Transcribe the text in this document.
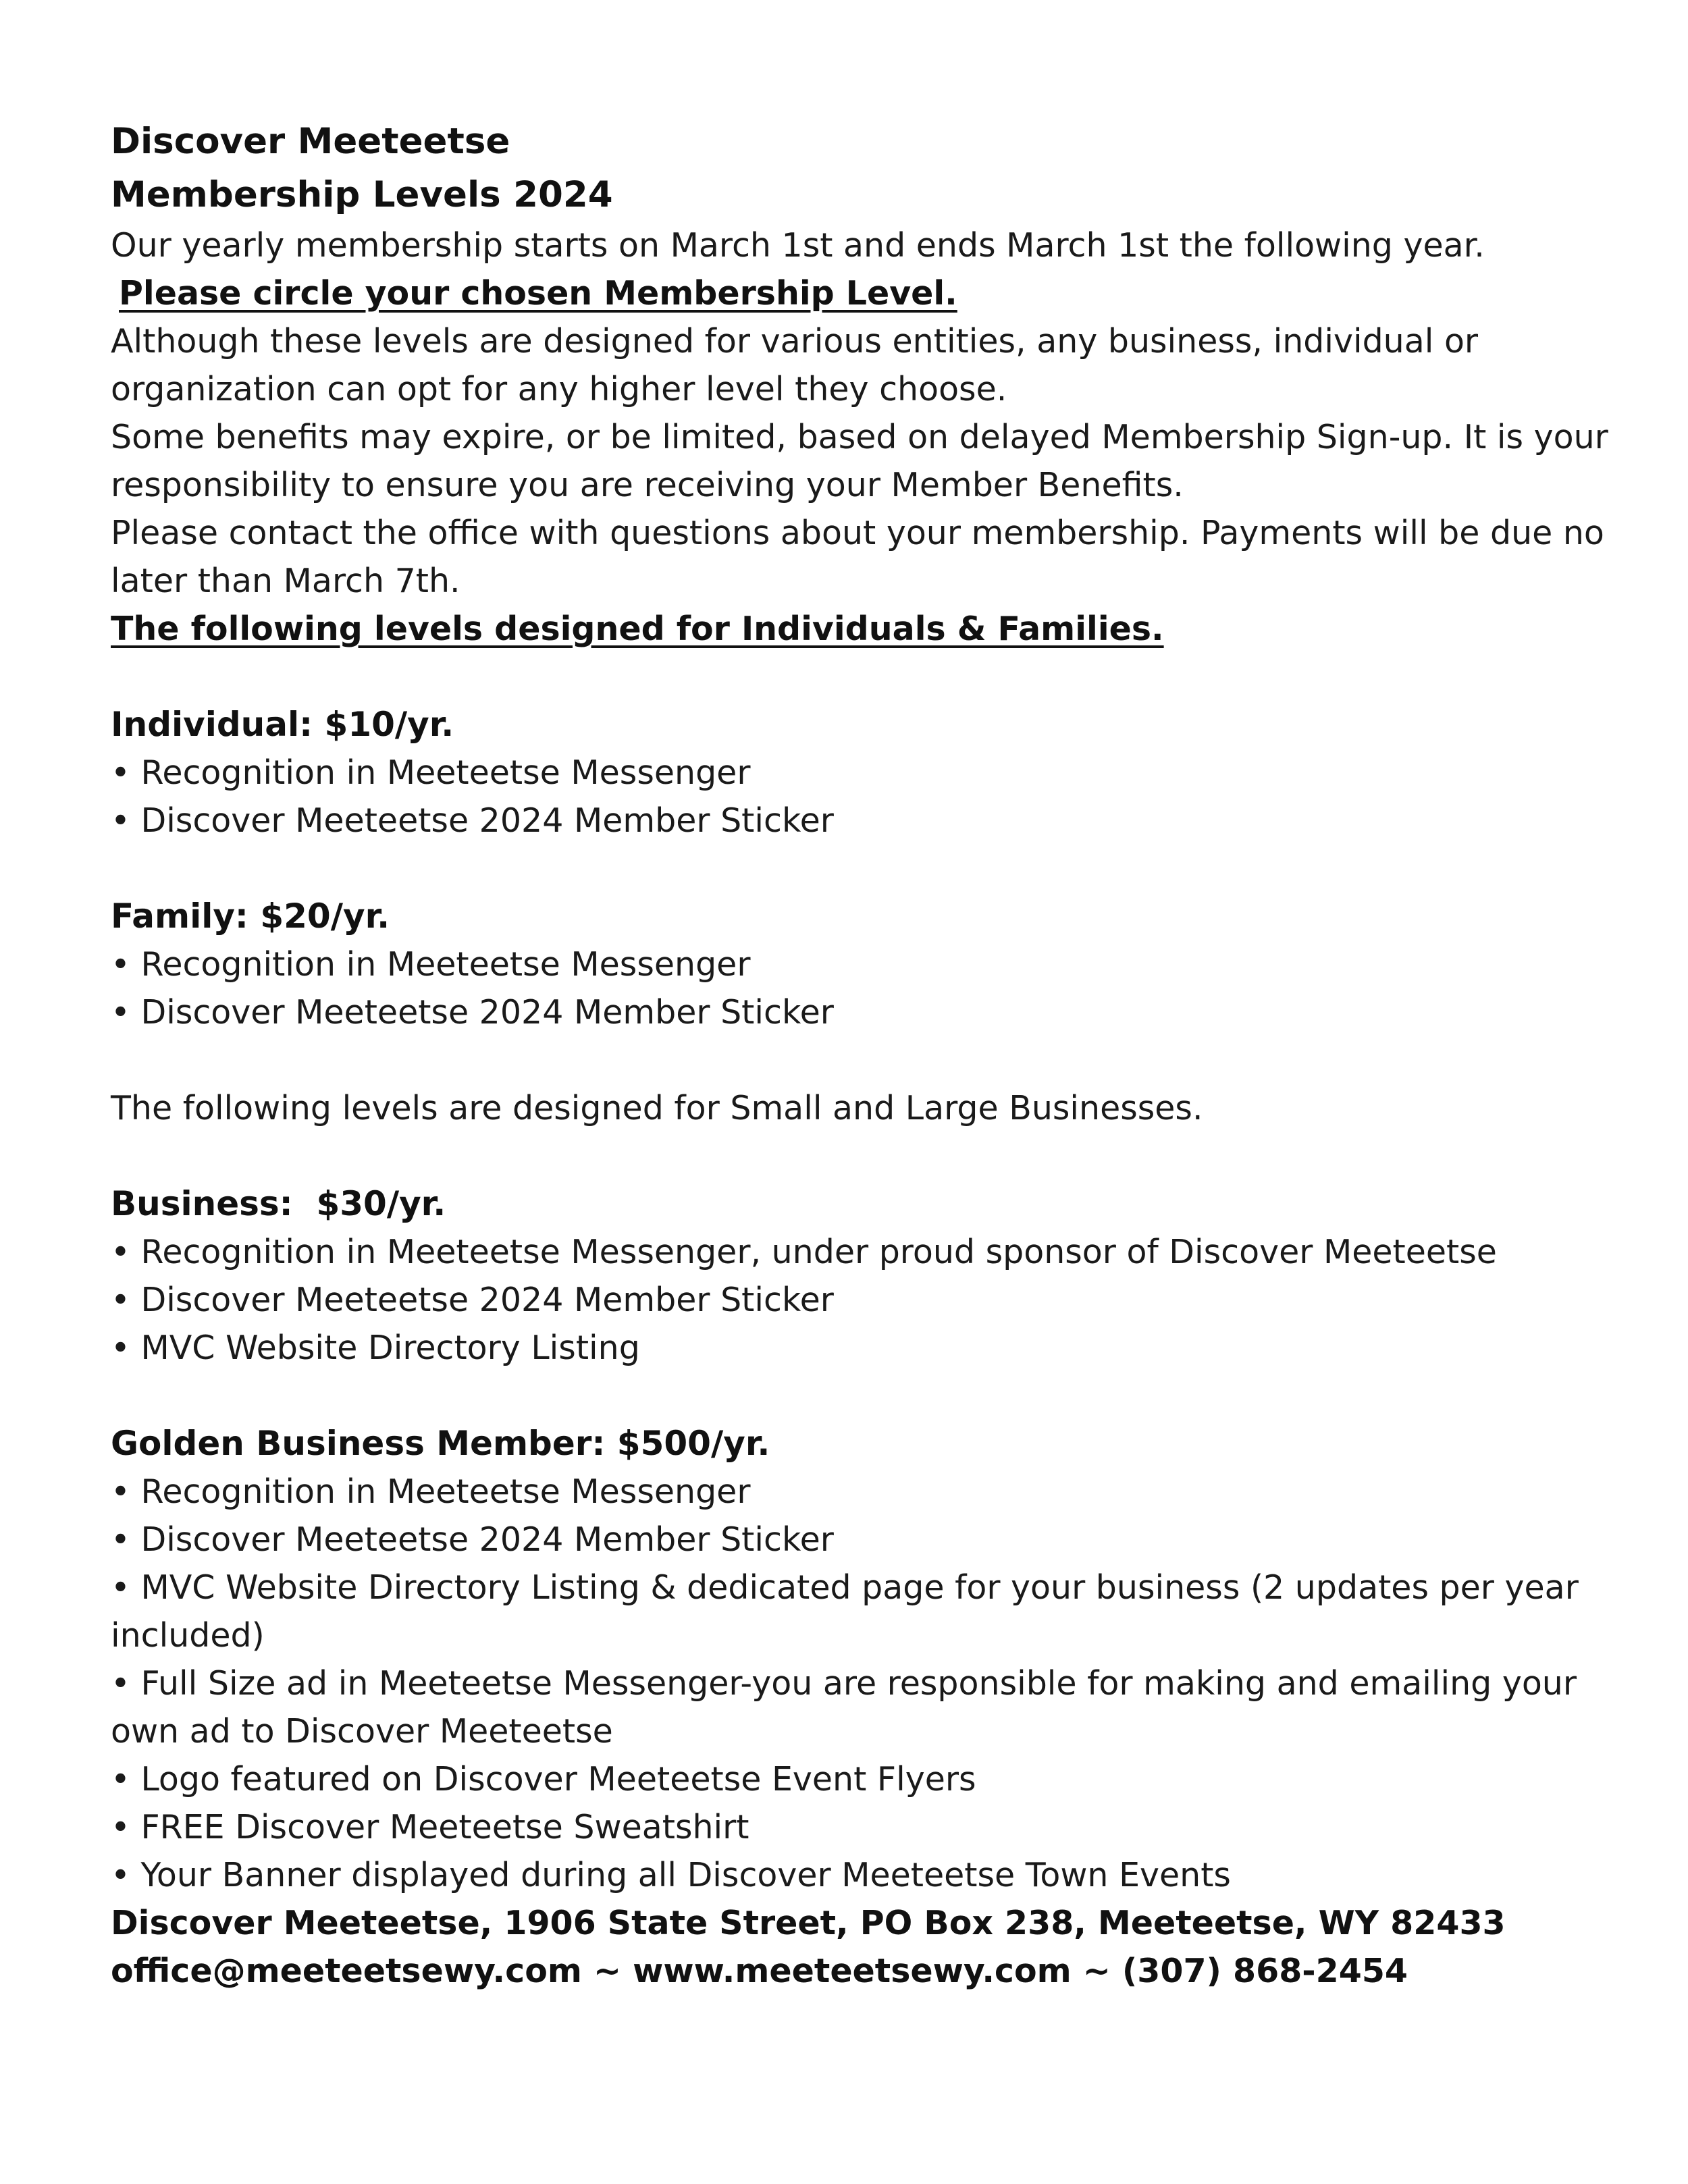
Discover Meeteetse
Membership Levels 2024
Our yearly membership starts on March 1st and ends March 1st the following year.
Please circle your chosen Membership Level.
Although these levels are designed for various entities, any business, individual or
organization can opt for any higher level they choose.
Some benefits may expire, or be limited, based on delayed Membership Sign-up. It is your
responsibility to ensure you are receiving your Member Benefits.
Please contact the office with questions about your membership. Payments will be due no
later than March 7th.
The following levels designed for Individuals & Families.
Individual: $10/yr.
• Recognition in Meeteetse Messenger
• Discover Meeteetse 2024 Member Sticker
Family: $20/yr.
• Recognition in Meeteetse Messenger
• Discover Meeteetse 2024 Member Sticker
The following levels are designed for Small and Large Businesses.
Business:  $30/yr.
• Recognition in Meeteetse Messenger, under proud sponsor of Discover Meeteetse
• Discover Meeteetse 2024 Member Sticker
• MVC Website Directory Listing
Golden Business Member: $500/yr.
• Recognition in Meeteetse Messenger
• Discover Meeteetse 2024 Member Sticker
• MVC Website Directory Listing & dedicated page for your business (2 updates per year
included)
• Full Size ad in Meeteetse Messenger-you are responsible for making and emailing your
own ad to Discover Meeteetse
• Logo featured on Discover Meeteetse Event Flyers
• FREE Discover Meeteetse Sweatshirt
• Your Banner displayed during all Discover Meeteetse Town Events
Discover Meeteetse, 1906 State Street, PO Box 238, Meeteetse, WY 82433
office@meeteetsewy.com ~ www.meeteetsewy.com ~ (307) 868-2454
